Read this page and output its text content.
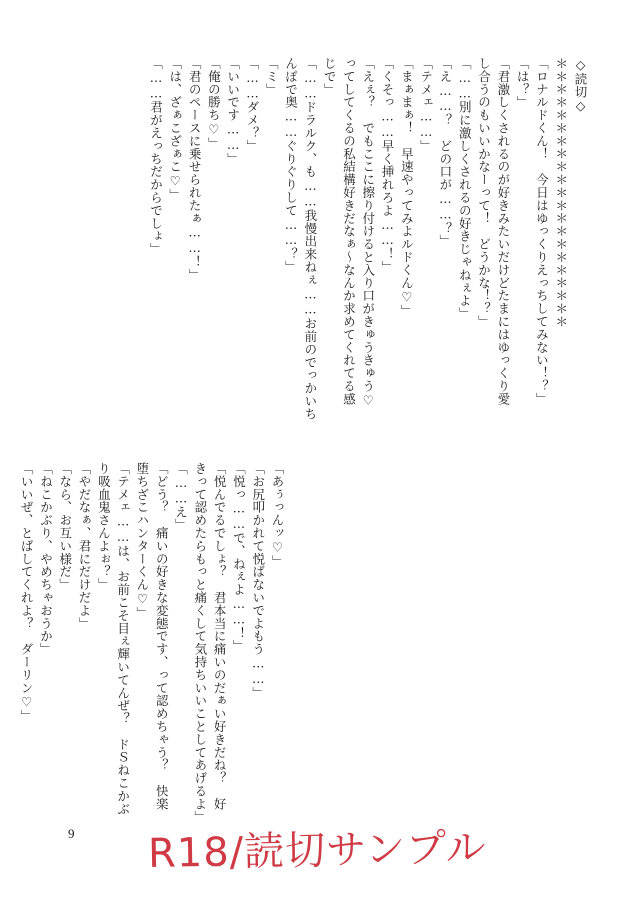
◇読切◇
＊＊＊＊＊＊＊＊＊＊＊＊＊＊＊＊＊＊＊＊＊
「ロナルドくん！　今日はゆっくりえっちしてみない！？」
「は？」
「君激しくされるのが好きみたいだけどたまにはゆっくり愛
し合うのもいいかなーって！　どうかな！？」
「……別に激しくされるの好きじゃねぇよ」
「え……？　どの口が……？」
「テメェ……」
「まぁまぁ！　早速やってみよルドくん♡」
「くそっ……早く挿れろよ……！」
「えぇ？　でもここに擦り付けると入り口がきゅうきゅう♡
ってしてくるの私結構好きだなぁ～なんか求めてくれてる感
じで」
「……ドラルク、も……我慢出来ねぇ……お前のでっかいち
んぽで奥……ぐりぐりして……？」
「ミ」
「……ダメ？」
「いいです……」
「俺の勝ち♡」
「君のペースに乗せられたぁ……！」
「は、ざぁこざぁこ♡」
「……君がえっちだからでしょ」
「あぅっんッ♡」
「お尻叩かれて悦ばないでよもう……」
「悦っ……で、ねぇよ……！」
「悦んでるでしょ？　君本当に痛いのだぁい好きだね？　好
きって認めたらもっと痛くして気持ちいいことしてあげるよ」
「……え」
「どう？　痛いの好きな変態です、って認めちゃう？　快楽
堕ちざこハンターくん♡」
「テメェ……は、お前こそ目ぇ輝いてんぜ？　ドＳねこかぶ
り吸血鬼さんよぉ？」
「やだなぁ、君にだけだよ」
「なら、お互い様だ」
「ねこかぶり、やめちゃおうか」
「いいぜ、とばしてくれよ？　ダーリン♡」
9 R18/読切サンプル
